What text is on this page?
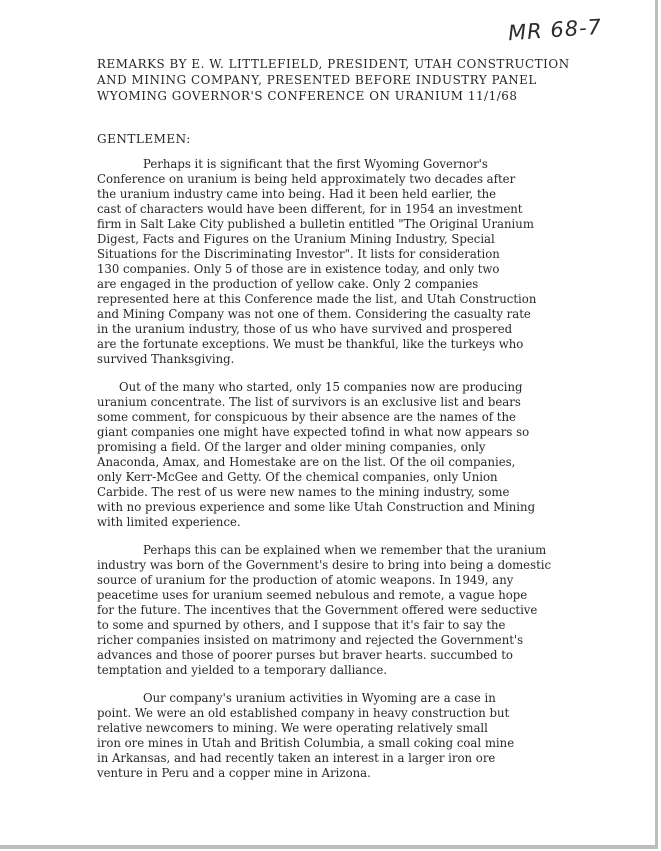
MR 68-7
REMARKS BY E. W. LITTLEFIELD, PRESIDENT, UTAH CONSTRUCTION
AND MINING COMPANY, PRESENTED BEFORE INDUSTRY PANEL
WYOMING GOVERNOR'S CONFERENCE ON URANIUM 11/1/68
GENTLEMEN:
Perhaps it is significant that the first Wyoming Governor's
Conference on uranium is being held approximately two decades after
the uranium industry came into being. Had it been held earlier, the
cast of characters would have been different, for in 1954 an investment
firm in Salt Lake City published a bulletin entitled "The Original Uranium
Digest, Facts and Figures on the Uranium Mining Industry, Special
Situations for the Discriminating Investor". It lists for consideration
130 companies. Only 5 of those are in existence today, and only two
are engaged in the production of yellow cake. Only 2 companies
represented here at this Conference made the list, and Utah Construction
and Mining Company was not one of them. Considering the casualty rate
in the uranium industry, those of us who have survived and prospered
are the fortunate exceptions. We must be thankful, like the turkeys who
survived Thanksgiving.
Out of the many who started, only 15 companies now are producing
uranium concentrate. The list of survivors is an exclusive list and bears
some comment, for conspicuous by their absence are the names of the
giant companies one might have expected tofind in what now appears so
promising a field. Of the larger and older mining companies, only
Anaconda, Amax, and Homestake are on the list. Of the oil companies,
only Kerr-McGee and Getty. Of the chemical companies, only Union
Carbide. The rest of us were new names to the mining industry, some
with no previous experience and some like Utah Construction and Mining
with limited experience.
Perhaps this can be explained when we remember that the uranium
industry was born of the Government's desire to bring into being a domestic
source of uranium for the production of atomic weapons. In 1949, any
peacetime uses for uranium seemed nebulous and remote, a vague hope
for the future. The incentives that the Government offered were seductive
to some and spurned by others, and I suppose that it's fair to say the
richer companies insisted on matrimony and rejected the Government's
advances and those of poorer purses but braver hearts. succumbed to
temptation and yielded to a temporary dalliance.
Our company's uranium activities in Wyoming are a case in
point. We were an old established company in heavy construction but
relative newcomers to mining. We were operating relatively small
iron ore mines in Utah and British Columbia, a small coking coal mine
in Arkansas, and had recently taken an interest in a larger iron ore
venture in Peru and a copper mine in Arizona.
